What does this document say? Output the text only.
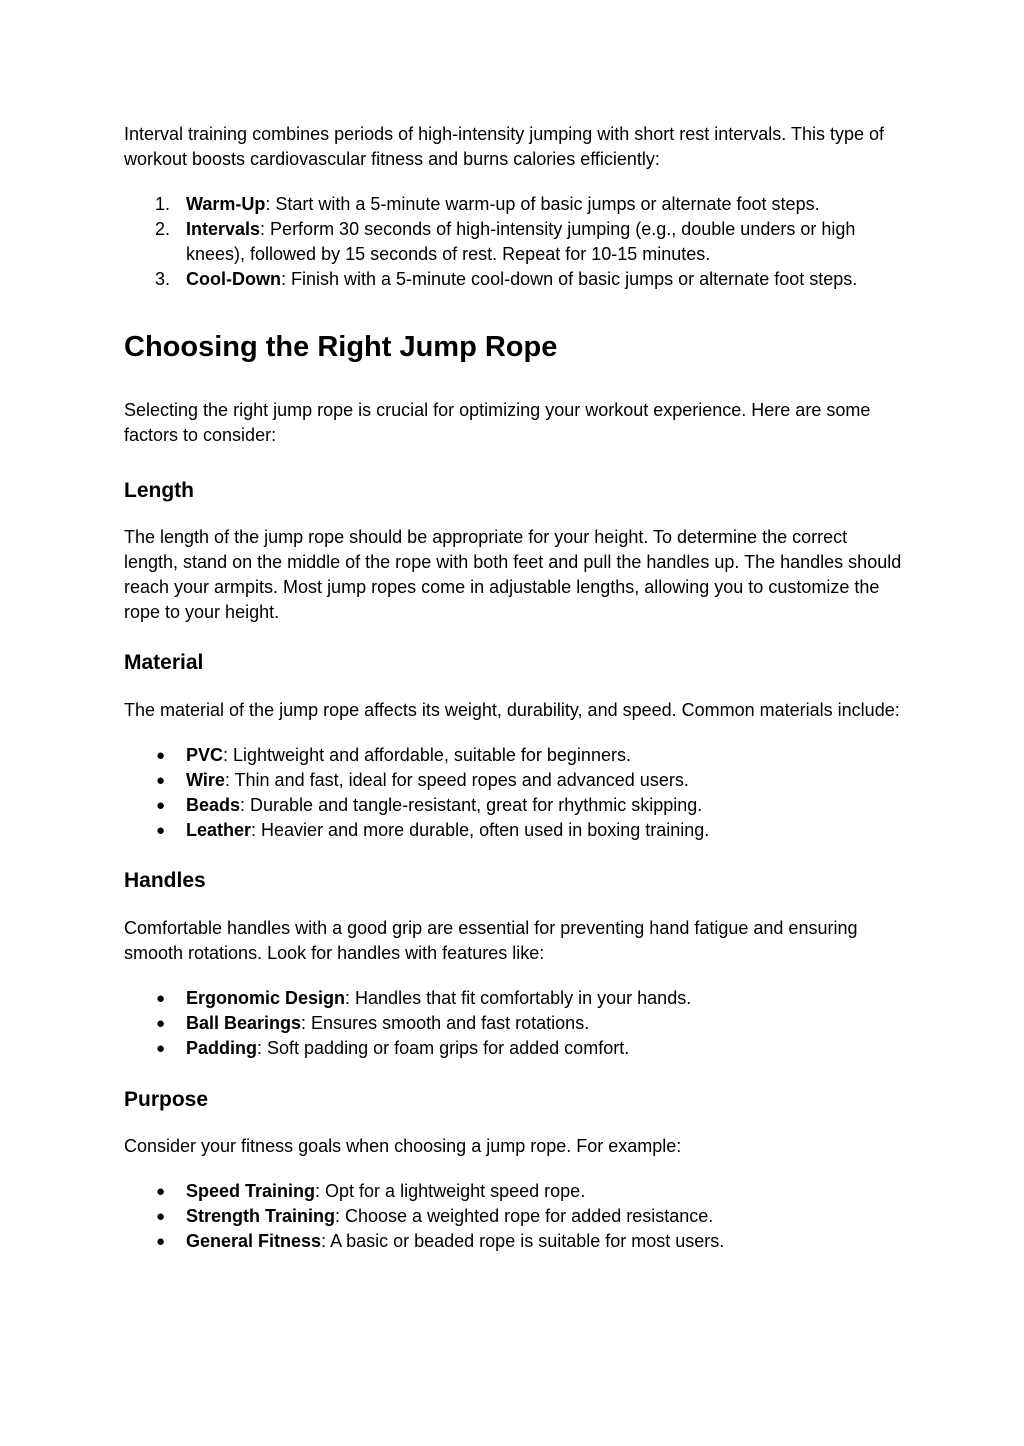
Interval training combines periods of high-intensity jumping with short rest intervals. This type of workout boosts cardiovascular fitness and burns calories efficiently:

1. Warm-Up: Start with a 5-minute warm-up of basic jumps or alternate foot steps.
2. Intervals: Perform 30 seconds of high-intensity jumping (e.g., double unders or high knees), followed by 15 seconds of rest. Repeat for 10-15 minutes.
3. Cool-Down: Finish with a 5-minute cool-down of basic jumps or alternate foot steps.
Choosing the Right Jump Rope

Selecting the right jump rope is crucial for optimizing your workout experience. Here are some factors to consider:

Length

The length of the jump rope should be appropriate for your height. To determine the correct length, stand on the middle of the rope with both feet and pull the handles up. The handles should reach your armpits. Most jump ropes come in adjustable lengths, allowing you to customize the rope to your height.

Material

The material of the jump rope affects its weight, durability, and speed. Common materials include:

● PVC: Lightweight and affordable, suitable for beginners.
● Wire: Thin and fast, ideal for speed ropes and advanced users.
● Beads: Durable and tangle-resistant, great for rhythmic skipping.
● Leather: Heavier and more durable, often used in boxing training.
Handles

Comfortable handles with a good grip are essential for preventing hand fatigue and ensuring smooth rotations. Look for handles with features like:

● Ergonomic Design: Handles that fit comfortably in your hands.
● Ball Bearings: Ensures smooth and fast rotations.
● Padding: Soft padding or foam grips for added comfort.
Purpose

Consider your fitness goals when choosing a jump rope. For example:

● Speed Training: Opt for a lightweight speed rope.
● Strength Training: Choose a weighted rope for added resistance.
● General Fitness: A basic or beaded rope is suitable for most users.
